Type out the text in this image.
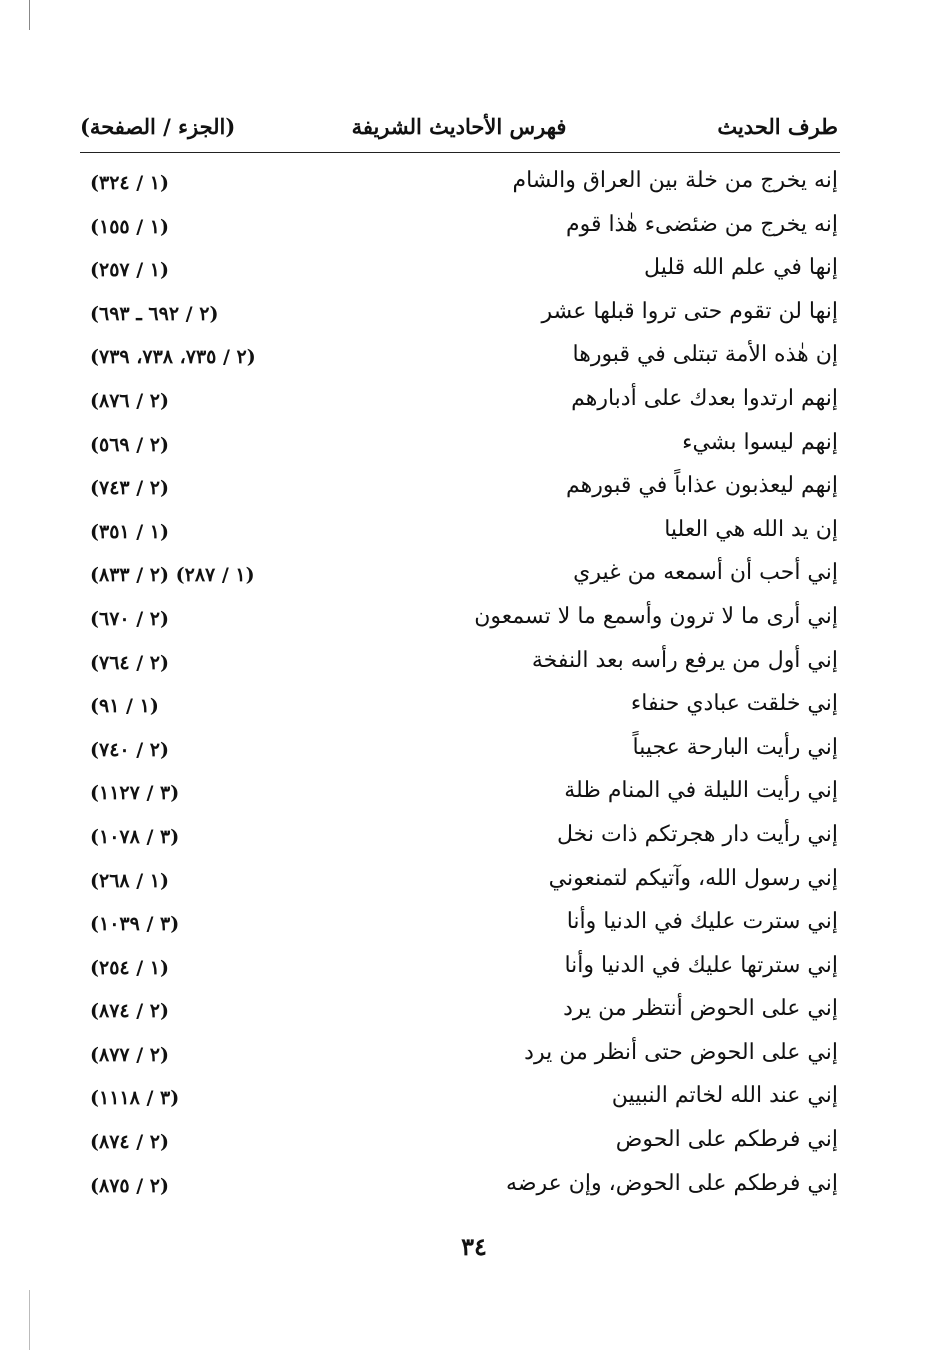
طرف الحديث
فهرس الأحاديث الشريفة
(الجزء / الصفحة)
إنه يخرج من خلة بين العراق والشام
(١ / ٣٢٤)
إنه يخرج من ضئضىء هٰذا قوم
(١ / ١٥٥)
إنها في علم الله قليل
(١ / ٢٥٧)
إنها لن تقوم حتى تروا قبلها عشر
(٢ / ٦٩٢ ـ ٦٩٣)
إن هٰذه الأمة تبتلى في قبورها
(٢ / ٧٣٥، ٧٣٨، ٧٣٩)
إنهم ارتدوا بعدك على أدبارهم
(٢ / ٨٧٦)
إنهم ليسوا بشيء
(٢ / ٥٦٩)
إنهم ليعذبون عذاباً في قبورهم
(٢ / ٧٤٣)
إن يد الله هي العليا
(١ / ٣٥١)
إني أحب أن أسمعه من غيري
(١ / ٢٨٧) (٢ / ٨٣٣)
إني أرى ما لا ترون وأسمع ما لا تسمعون
(٢ / ٦٧٠)
إني أول من يرفع رأسه بعد النفخة
(٢ / ٧٦٤)
إني خلقت عبادي حنفاء
(١ / ٩١)
إني رأيت البارحة عجيباً
(٢ / ٧٤٠)
إني رأيت الليلة في المنام ظلة
(٣ / ١١٢٧)
إني رأيت دار هجرتكم ذات نخل
(٣ / ١٠٧٨)
إني رسول الله، وآتيكم لتمنعوني
(١ / ٢٦٨)
إني سترت عليك في الدنيا وأنا
(٣ / ١٠٣٩)
إني سترتها عليك في الدنيا وأنا
(١ / ٢٥٤)
إني على الحوض أنتظر من يرد
(٢ / ٨٧٤)
إني على الحوض حتى أنظر من يرد
(٢ / ٨٧٧)
إني عند الله لخاتم النبيين
(٣ / ١١١٨)
إني فرطكم على الحوض
(٢ / ٨٧٤)
إني فرطكم على الحوض، وإن عرضه
(٢ / ٨٧٥)
٣٤
